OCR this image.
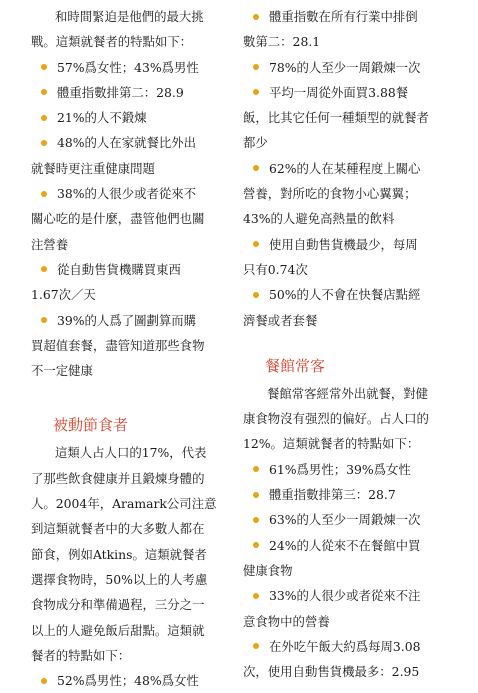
和時間緊迫是他們的最大挑
戰。這類就餐者的特點如下：
57%爲女性；43%爲男性
體重指數排第二：28.9
21%的人不鍛煉
48%的人在家就餐比外出
就餐時更注重健康問題
38%的人很少或者從來不
關心吃的是什麼，盡管他們也關
注營養
從自動售貨機購買東西
1.67次／天
39%的人爲了圖劃算而購
買超值套餐，盡管知道那些食物
不一定健康
被動節食者
這類人占人口的17%，代表
了那些飲食健康并且鍛煉身體的
人。2004年，Aramark公司注意
到這類就餐者中的大多數人都在
節食，例如Atkins。這類就餐者
選擇食物時，50%以上的人考慮
食物成分和準備過程，三分之一
以上的人避免飯后甜點。這類就
餐者的特點如下：
52%爲男性；48%爲女性
體重指數在所有行業中排倒
數第二：28.1
78%的人至少一周鍛煉一次
平均一周從外面買3.88餐
飯，比其它任何一種類型的就餐者
都少
62%的人在某種程度上關心
營養，對所吃的食物小心翼翼；
43%的人避免高熱量的飲料
使用自動售貨機最少，每周
只有0.74次
50%的人不會在快餐店點經
濟餐或者套餐
餐館常客
餐館常客經常外出就餐，對健
康食物沒有强烈的偏好。占人口的
12%。這類就餐者的特點如下：
61%爲男性；39%爲女性
體重指數排第三：28.7
63%的人至少一周鍛煉一次
24%的人從來不在餐館中買
健康食物
33%的人很少或者從來不注
意食物中的營養
在外吃午飯大約爲每周3.08
次，使用自動售貨機最多：2.95
